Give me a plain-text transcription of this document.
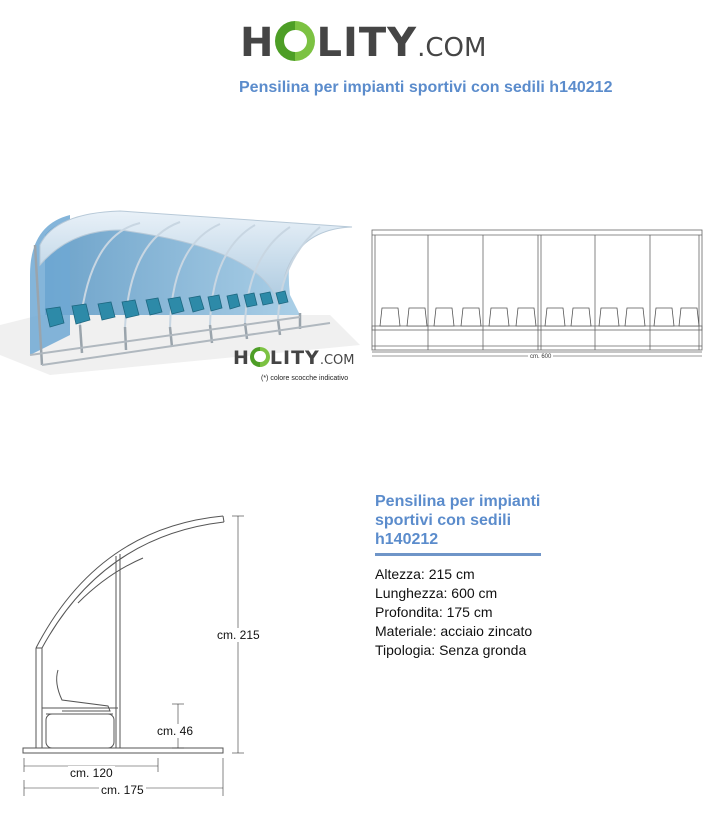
H LITY.COM
Pensilina per impianti sportivi con sedili h140212
H LITY.COM
(*) colore scocche indicativo
cm. 600
cm. 215
cm. 46
cm. 120
cm. 175
Pensilina per impianti sportivi con sedili h140212
Altezza: 215 cm
Lunghezza: 600 cm
Profondita: 175 cm
Materiale: acciaio zincato
Tipologia: Senza gronda
